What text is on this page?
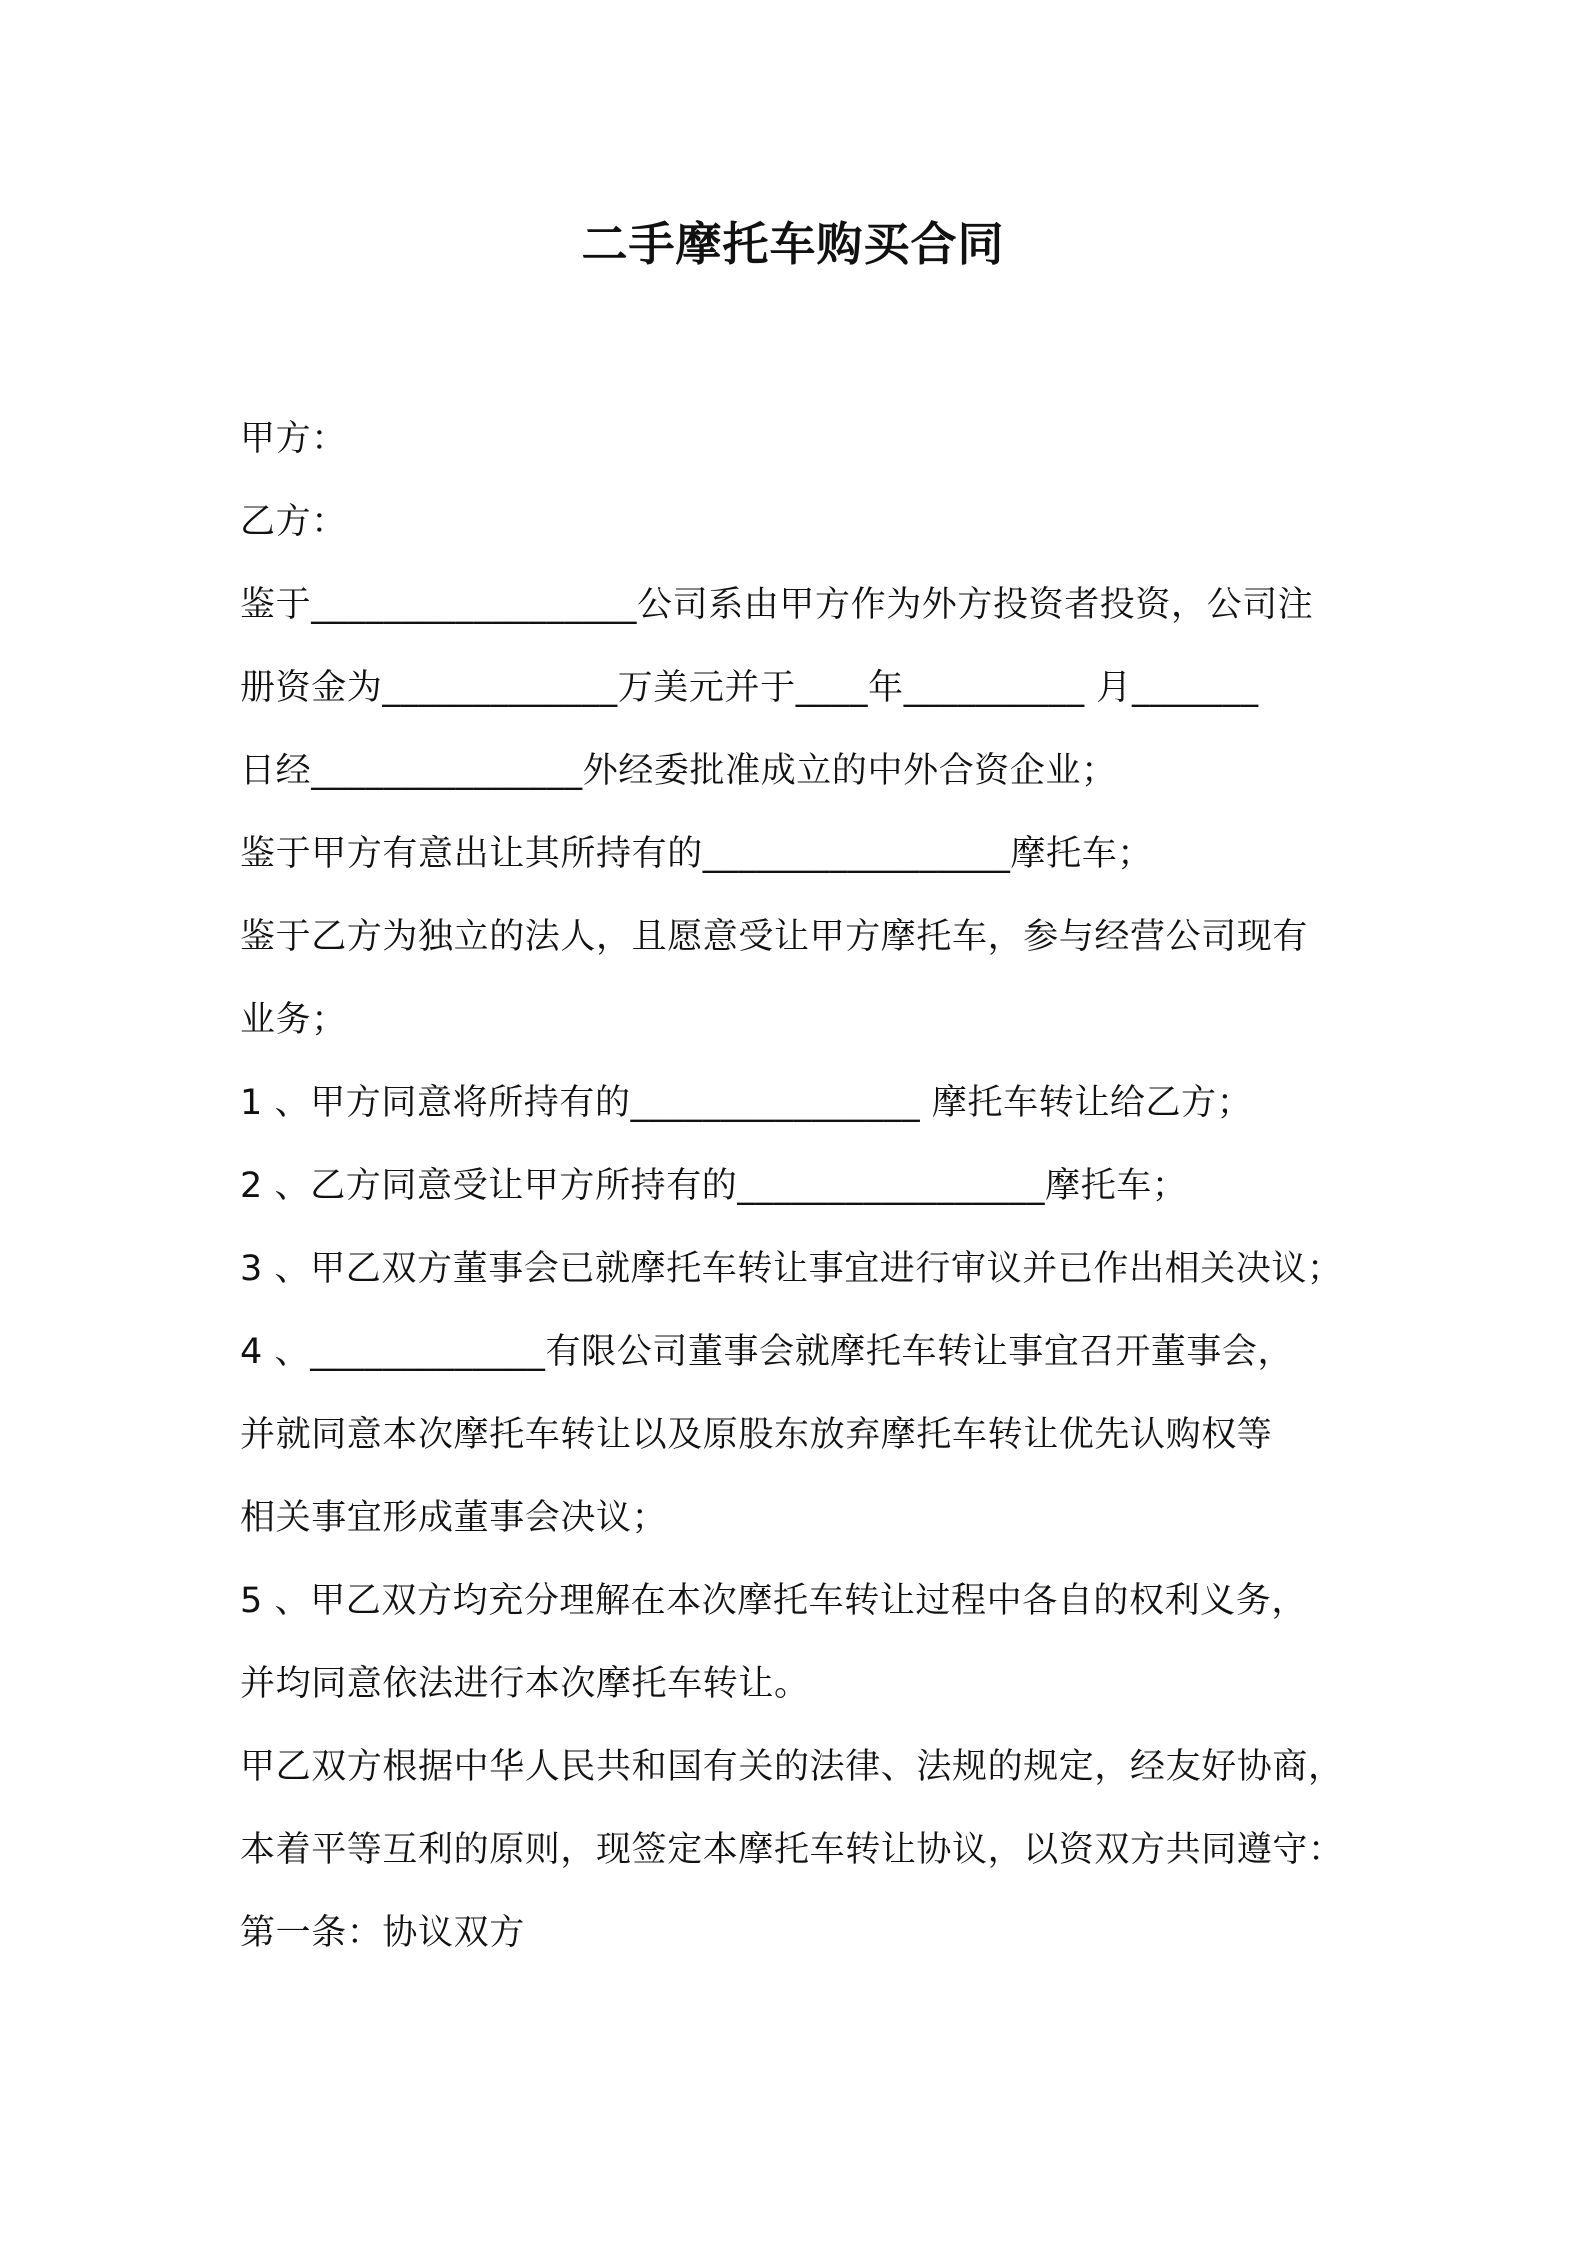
二手摩托车购买合同
甲方：
乙方：
鉴于__________________公司系由甲方作为外方投资者投资，公司注
册资金为_____________万美元并于____年__________ 月_______
日经_______________外经委批准成立的中外合资企业；
鉴于甲方有意出让其所持有的_________________摩托车；
鉴于乙方为独立的法人，且愿意受让甲方摩托车，参与经营公司现有
业务；
1 、甲方同意将所持有的________________ 摩托车转让给乙方；
2 、乙方同意受让甲方所持有的_________________摩托车；
3 、甲乙双方董事会已就摩托车转让事宜进行审议并已作出相关决议；
4 、_____________有限公司董事会就摩托车转让事宜召开董事会，
并就同意本次摩托车转让以及原股东放弃摩托车转让优先认购权等
相关事宜形成董事会决议；
5 、甲乙双方均充分理解在本次摩托车转让过程中各自的权利义务，
并均同意依法进行本次摩托车转让。
甲乙双方根据中华人民共和国有关的法律、法规的规定，经友好协商，
本着平等互利的原则，现签定本摩托车转让协议，以资双方共同遵守：
第一条：协议双方
